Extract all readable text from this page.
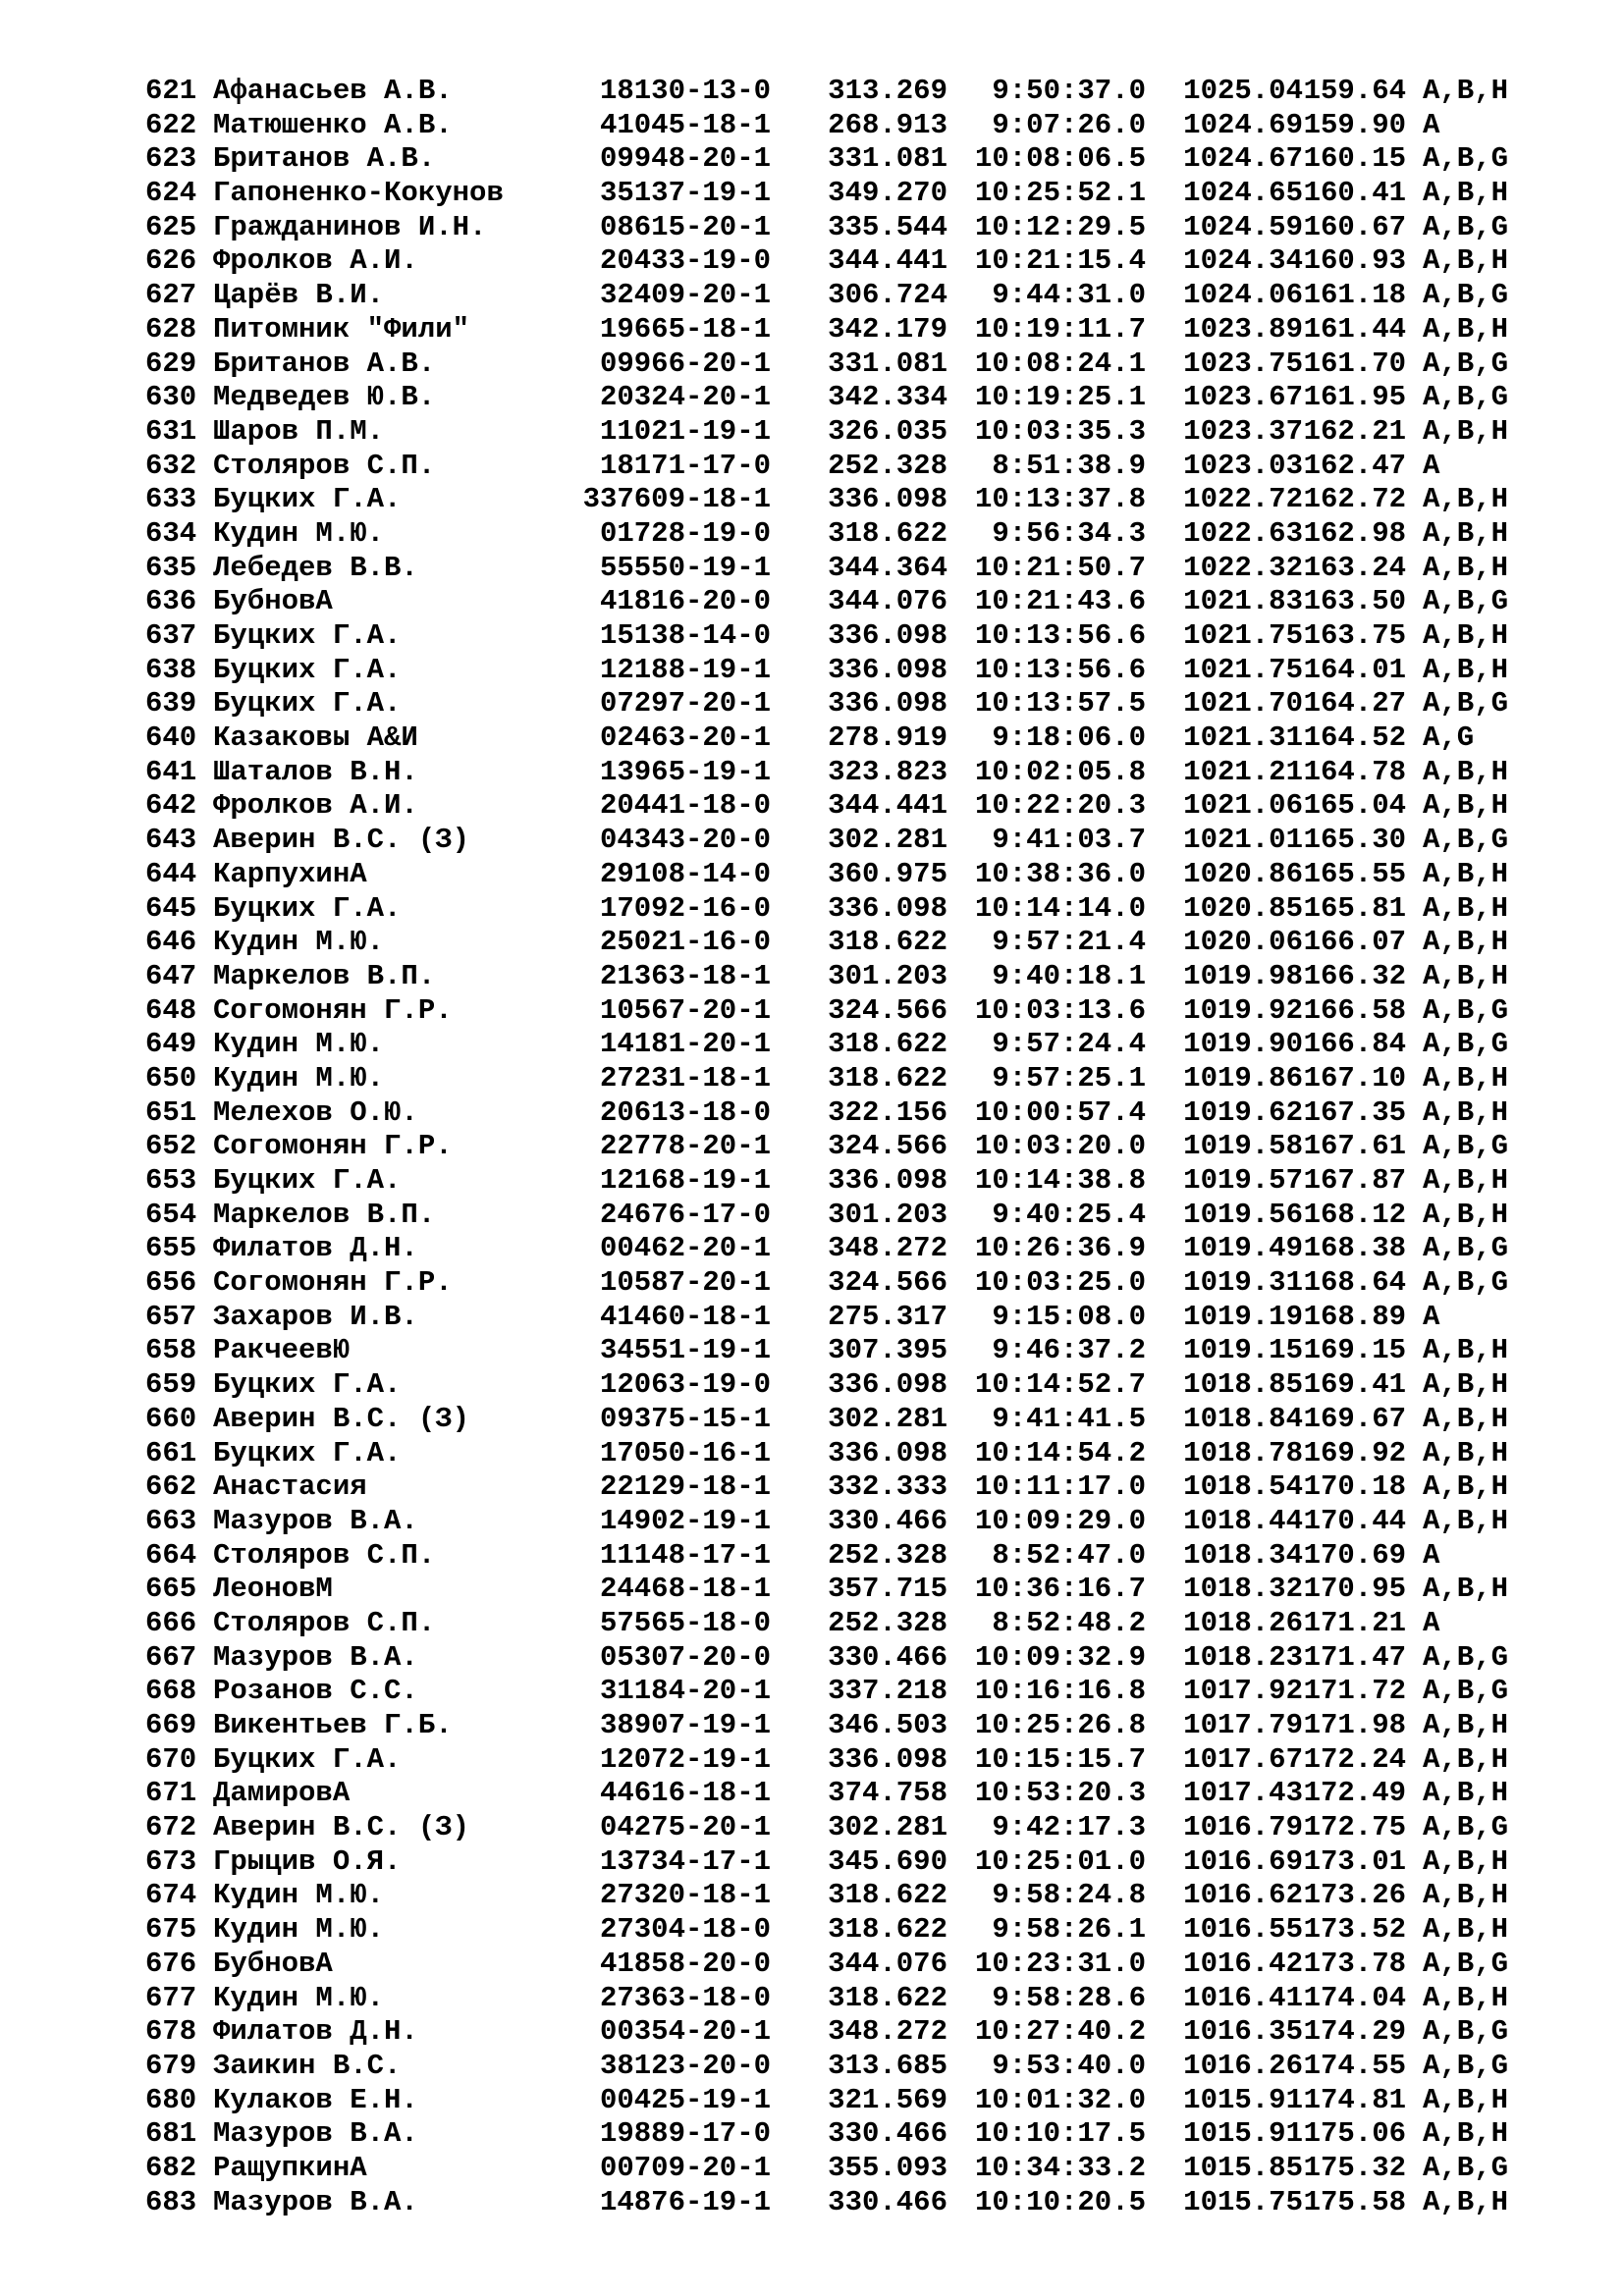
621 Афанасьев А.В.	18130-13-0 313.269 9:50:37.0 1025.04159.64 A,B,H
622 Матюшенко А.В.	41045-18-1 268.913 9:07:26.0 1024.69159.90 A
623 Британов А.В.	09948-20-1 331.081 10:08:06.5 1024.67160.15 A,B,G
624 Гапоненко-Кокунов	35137-19-1 349.270 10:25:52.1 1024.65160.41 A,B,H
625 Гражданинов И.Н.	08615-20-1 335.544 10:12:29.5 1024.59160.67 A,B,G
626 Фролков А.И.	20433-19-0 344.441 10:21:15.4 1024.34160.93 A,B,H
627 Царёв В.И.	32409-20-1 306.724 9:44:31.0 1024.06161.18 A,B,G
628 Питомник "Фили"	19665-18-1 342.179 10:19:11.7 1023.89161.44 A,B,H
629 Британов А.В.	09966-20-1 331.081 10:08:24.1 1023.75161.70 A,B,G
630 Медведев Ю.В.	20324-20-1 342.334 10:19:25.1 1023.67161.95 A,B,G
631 Шаров П.М.	11021-19-1 326.035 10:03:35.3 1023.37162.21 A,B,H
632 Столяров С.П.	18171-17-0 252.328 8:51:38.9 1023.03162.47 A
633 Буцких Г.А.	337609-18-1 336.098 10:13:37.8 1022.72162.72 A,B,H
634 Кудин М.Ю.	01728-19-0 318.622 9:56:34.3 1022.63162.98 A,B,H
635 Лебедев В.В.	55550-19-1 344.364 10:21:50.7 1022.32163.24 A,B,H
636 БубновА	41816-20-0 344.076 10:21:43.6 1021.83163.50 A,B,G
637 Буцких Г.А.	15138-14-0 336.098 10:13:56.6 1021.75163.75 A,B,H
638 Буцких Г.А.	12188-19-1 336.098 10:13:56.6 1021.75164.01 A,B,H
639 Буцких Г.А.	07297-20-1 336.098 10:13:57.5 1021.70164.27 A,B,G
640 Казаковы А&И	02463-20-1 278.919 9:18:06.0 1021.31164.52 A,G
641 Шаталов В.Н.	13965-19-1 323.823 10:02:05.8 1021.21164.78 A,B,H
642 Фролков А.И.	20441-18-0 344.441 10:22:20.3 1021.06165.04 A,B,H
643 Аверин В.С. (З)	04343-20-0 302.281 9:41:03.7 1021.01165.30 A,B,G
644 КарпухинА	29108-14-0 360.975 10:38:36.0 1020.86165.55 A,B,H
645 Буцких Г.А.	17092-16-0 336.098 10:14:14.0 1020.85165.81 A,B,H
646 Кудин М.Ю.	25021-16-0 318.622 9:57:21.4 1020.06166.07 A,B,H
647 Маркелов В.П.	21363-18-1 301.203 9:40:18.1 1019.98166.32 A,B,H
648 Согомонян Г.Р.	10567-20-1 324.566 10:03:13.6 1019.92166.58 A,B,G
649 Кудин М.Ю.	14181-20-1 318.622 9:57:24.4 1019.90166.84 A,B,G
650 Кудин М.Ю.	27231-18-1 318.622 9:57:25.1 1019.86167.10 A,B,H
651 Мелехов О.Ю.	20613-18-0 322.156 10:00:57.4 1019.62167.35 A,B,H
652 Согомонян Г.Р.	22778-20-1 324.566 10:03:20.0 1019.58167.61 A,B,G
653 Буцких Г.А.	12168-19-1 336.098 10:14:38.8 1019.57167.87 A,B,H
654 Маркелов В.П.	24676-17-0 301.203 9:40:25.4 1019.56168.12 A,B,H
655 Филатов Д.Н.	00462-20-1 348.272 10:26:36.9 1019.49168.38 A,B,G
656 Согомонян Г.Р.	10587-20-1 324.566 10:03:25.0 1019.31168.64 A,B,G
657 Захаров И.В.	41460-18-1 275.317 9:15:08.0 1019.19168.89 A
658 РакчеевЮ	34551-19-1 307.395 9:46:37.2 1019.15169.15 A,B,H
659 Буцких Г.А.	12063-19-0 336.098 10:14:52.7 1018.85169.41 A,B,H
660 Аверин В.С. (З)	09375-15-1 302.281 9:41:41.5 1018.84169.67 A,B,H
661 Буцких Г.А.	17050-16-1 336.098 10:14:54.2 1018.78169.92 A,B,H
662 Анастасия	22129-18-1 332.333 10:11:17.0 1018.54170.18 A,B,H
663 Мазуров В.А.	14902-19-1 330.466 10:09:29.0 1018.44170.44 A,B,H
664 Столяров С.П.	11148-17-1 252.328 8:52:47.0 1018.34170.69 A
665 ЛеоновМ	24468-18-1 357.715 10:36:16.7 1018.32170.95 A,B,H
666 Столяров С.П.	57565-18-0 252.328 8:52:48.2 1018.26171.21 A
667 Мазуров В.А.	05307-20-0 330.466 10:09:32.9 1018.23171.47 A,B,G
668 Розанов С.С.	31184-20-1 337.218 10:16:16.8 1017.92171.72 A,B,G
669 Викентьев Г.Б.	38907-19-1 346.503 10:25:26.8 1017.79171.98 A,B,H
670 Буцких Г.А.	12072-19-1 336.098 10:15:15.7 1017.67172.24 A,B,H
671 ДамировА	44616-18-1 374.758 10:53:20.3 1017.43172.49 A,B,H
672 Аверин В.С. (З)	04275-20-1 302.281 9:42:17.3 1016.79172.75 A,B,G
673 Грыцив О.Я.	13734-17-1 345.690 10:25:01.0 1016.69173.01 A,B,H
674 Кудин М.Ю.	27320-18-1 318.622 9:58:24.8 1016.62173.26 A,B,H
675 Кудин М.Ю.	27304-18-0 318.622 9:58:26.1 1016.55173.52 A,B,H
676 БубновА	41858-20-0 344.076 10:23:31.0 1016.42173.78 A,B,G
677 Кудин М.Ю.	27363-18-0 318.622 9:58:28.6 1016.41174.04 A,B,H
678 Филатов Д.Н.	00354-20-1 348.272 10:27:40.2 1016.35174.29 A,B,G
679 Заикин В.С.	38123-20-0 313.685 9:53:40.0 1016.26174.55 A,B,G
680 Кулаков Е.Н.	00425-19-1 321.569 10:01:32.0 1015.91174.81 A,B,H
681 Мазуров В.А.	19889-17-0 330.466 10:10:17.5 1015.91175.06 A,B,H
682 РащупкинА	00709-20-1 355.093 10:34:33.2 1015.85175.32 A,B,G
683 Мазуров В.А.	14876-19-1 330.466 10:10:20.5 1015.75175.58 A,B,H
